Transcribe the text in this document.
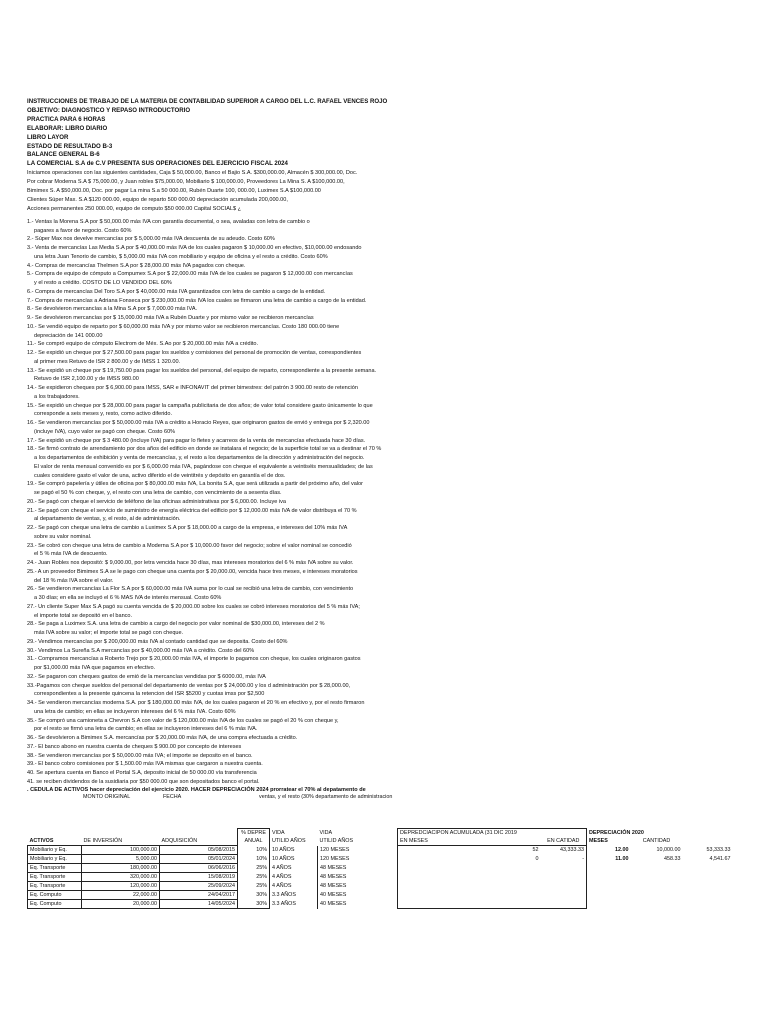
INSTRUCCIONES DE TRABAJO DE LA MATERIA DE CONTABILIDAD SUPERIOR A CARGO DEL L.C. RAFAEL VENCES ROJO
OBJETIVO: DIAGNOSTICO Y REPASO INTRODUCTORIO
PRACTICA PARA 6 HORAS
ELABORAR: LIBRO DIARIO
LIBRO LAYOR
ESTADO DE RESULTADO B-3
BALANCE GENERAL B-6
LA COMERCIAL S.A de C.V PRESENTA SUS OPERACIONES DEL EJERCICIO FISCAL 2024
Iniciamos operaciones con las siguientes cantidades, Caja $ 50,000.00, Banco el Bajio S.A. $300,000.00, Almacén $ 300,000.00, Doc.
Por cobrar Moderna S.A $ 75,000.00, y Juan robles $75,000.00, Mobiliario $ 100,000.00, Proveedores La Mina S. A $100,000.00,
Bimimex S. A $50,000.00, Doc. por pagar La mina S.a 50 000.00, Rubén Duarte 100, 000.00, Luximex S.A $100,000.00
Clientes Súper Max. S.A $120 000.00, equipo de reparto 500 000.00 depreciación acumulada 200,000.00,
Acciones permanentes 250 000.00, equipo de computo $50 000.00 Capital SOCIAL$ ¿
1.- Ventas la Morena S.A por $ 50,000.00 más IVA con garantía documental, o sea, avaladas con letra de cambio o
pagares a favor de negocio. Costo 60%
2.- Súper Max nos develve mercancías por $ 5,000.00 más IVA descuenta de su adeudo. Costo 60%
3.- Venta de mercancías Las Media S.A por $ 40,000.00 más IVA de los cuales pagaron $ 10,000.00 en efectivo, $10,000.00 endosando
una letra Juan Tenorio de cambio, $ 5,000.00 más IVA con mobiliario y equipo de oficina y el resto a crédito. Costo 60%
4.- Compras de mercancías Thelmen S.A por $ 28,000.00 más IVA pagados con cheque.
5.- Compra de equipo de cómputo a Compumex S.A por $ 22,000.00 más IVA de los cuales se pagaron $ 12,000.00 con mercancías
y el resto a crédito. COSTO DE LO VENDIDO DEL 60%
6.- Compra de mercancías Del Toro S.A por $ 40,000.00 más IVA garantizados con letra de cambio a cargo de la entidad.
7.- Compra de mercancías a Adriana Fonseca por $ 230,000.00 más IVA los cuales se firmaron una letra de cambio a cargo de la entidad.
8.- Se devolvieron mercancías a la Mina S.A por $ 7,000.00 más IVA.
9.- Se devolvieron mercancías por $ 15,000.00 más IVA a Rubén Duarte y por mismo valor se recibieron mercancías
10.- Se vendió equipo de reparto por $ 60,000.00 más IVA y por mismo valor se recibieron mercancías. Costo 180 000.00 tiene
depreciación de 141 000.00
11.- Se compró equipo de cómputo Electrom de Méx. S.Ao por $ 20,000.00 más IVA a crédito.
12.- Se expidió un cheque por $ 27,500.00 para pagar los sueldos y comisiones del personal de promoción de ventas, correspondientes
al primer mes Retuvo de ISR 2 800.00 y de IMSS 1 320.00.
13.- Se expidió un cheque por $ 19,750.00 para pagar los sueldos del personal, del equipo de reparto, correspondiente a la presente semana.
Retuvo de ISR 2,100.00 y de IMSS 980.00
14.- Se expidieron cheques por $ 6,900.00 para IMSS, SAR e INFONAVIT del primer bimestres: del patrón 3 900.00 resto de retención
a los trabajadores.
15.- Se expidió un cheque por $ 28,000.00 para pagar la campaña publicitaria de dos años; de valor total considere gasto únicamente lo que
corresponde a seis meses y, resto, como activo diferido.
16.- Se vendieron mercancías por $ 50,000.00 más IVA a crédito a Horacio Reyes, que originaron gastos de envió y entrega por $ 2,320.00
(incluye IVA), cuyo valor se pagó con cheque. Costo 60%
17.- Se expidió un cheque por $ 3 480.00 (incluye IVA) para pagar lo fletes y acarreos de la venta de mercancías efectuada hace 30 días.
18.- Se firmó contrato de arrendamiento por dos años del edificio en donde se instalara el negocio; de la superficie total se va a destinar el 70 %
a los departamentos de exhibición y venta de mercancías, y, el resto a los departamentos de la dirección y administración del negocio.
El valor de renta mensual convenido es por $ 6,000.00 más IVA, pagándose con cheque el equivalente a veintiséis mensualidades; de las
cuales considere gasto el valor de una, activo diferido el de veintitrés y depósito en garantía el de dos.
19.- Se compró papelería y útiles de oficina por $ 80,000.00 más IVA, La bonita S.A, que será utilizada a partir del próximo año, del valor
se pagó el 50 % con cheque, y, el resto con una letra de cambio, con vencimiento de a sesenta días.
20.- Se pagó con cheque el servicio de teléfono de las oficinas administrativas por $ 6,000.00. Incluye iva
21.- Se pagó con cheque el servicio de suministro de energía eléctrica del edificio por $ 12,000.00 más IVA de valor distribuya el 70 %
al departamento de ventas, y, el resto, al de administración.
22.- Se pagó con cheque una letra de cambio a Luximex S.A por $ 18,000.00 a cargo de la empresa, e intereses del 10% más IVA
sobre su valor nominal.
23.- Se cobró con cheque una letra de cambio a Moderna S.A por $ 10,000.00 favor del negocio; sobre el valor nominal se concedió
el 5 % más IVA de descuento.
24.- Juan Robles nos depositó: $ 9,000.00, por letra vencida hace 30 días, mas intereses moratorios del 6 % más IVA sobre su valor.
25.- A un proveedor Bimimex S.A se le pago con cheque una cuenta por $ 20,000.00, vencida hace tres meses, e intereses moratorios
del 18 % más IVA sobre el valor.
26.- Se vendieron mercancías La Flor S.A por $ 60,000.00 más IVA suma por lo cual se recibió una letra de cambio, con vencimiento
a 30 días; en ella se incluyó el 6 % MAS IVA de interés mensual. Costo 60%
27.- Un cliente Super Max S.A pagó su cuenta vencida de $ 20,000.00 sobre los cuales se cobró intereses moratorios del 5 % más IVA;
el importe total se depositó en el banco.
28.- Se paga a Luximex S.A. una letra de cambio a cargo del negocio por valor nominal de $30,000.00, intereses del 2 %
más IVA sobre su valor; el importe total se pagó con cheque.
29.- Vendimos mercancías por $ 200,000.00 más IVA al contado cantidad que se deposita. Costo del 60%
30.- Vendimos La Sureña S.A mercancías por $ 40,000.00 más IVA a crédito. Costo del 60%
31.- Compramos mercancías a Roberto Trejo por $ 20,000.00 más IVA, el importe lo pagamos con cheque, los cuales originaron gastos
por $1,000.00 más IVA que pagamos en efectivo.
32.- Se pagaron con cheques gastos de emió de la mercancías vendidas por $ 6000.00, más IVA
33.-Pagamos con cheque sueldos del personal del departamento de ventas por $ 24,000.00 y los d administración por $ 28,000.00,
correspondientes a la presente quincena la retencion del ISR $5200 y cuotas imss por $2,500
34.- Se vendieron mercancías moderna S.A. por $ 180,000.00 más IVA, de los cuales pagaron el 20 % en efectivo y, por el resto firmaron
una letra de cambio; en ellas se incluyeron intereses del 6 % más IVA. Costo 60%
35.- Se compró una camioneta a Chevron S.A con valor de $ 120,000.00 más IVA de los cuales se pagó el 20 % con cheque y,
por el resto se firmó una letra de cambio; en ellas se incluyeron intereses del 6 % más IVA.
36.- Se devolvieron a Bimimex S.A. mercancías por $ 20,000.00 más IVA, de una compra efectuada a crédito.
37.- El banco abono en nuestra cuenta de cheques $ 900.00 por concepto de intereses
38.- Se vendieron mercancías por $ 50,000.00 más IVA; el importe se deposito en el banco.
39.- El banco cobro comisiones por $ 1,500.00 más IVA mismas que cargaron a nuestra cuenta.
40. Se apertura cuenta en Banco el Portal S.A, deposito inicial de 50 000.00 vía transferencia
41. se reciben dividendos de la susidiaria por $50 000.00 que son depositados banco el portal.
. CEDULA DE ACTIVOS hacer depreciación del ejercicio 2020. HACER DEPRECIACIÓN 2024 prorratear el 70% al depatamento de
MONTO ORIGINAL	FECHA	ventas, y el resto (30% departamento de administracion
			% DEPRE	VIDA	VIDA	DEPREDCIACIPON ACUMULADA (31 DIC 2019		DEPRECIACIÓN 2020		
ACTIVOS	DE INVERSIÓN	ADQUISICIÓN	ANUAL	UTILID AÑOS	UTILID AÑOS	EN MESES	EN CATIDAD	MESES	CANTIDAD	
Mobiliario y Eq.	100,000.00	05/08/2015	10%	10 AÑOS	120 MESES	52	43,333.33	12.00	10,000.00	53,333.33
Mobiliario y Eq.	5,000.00	05/01/2024	10%	10 AÑOS	120 MESES	0	-	11.00	458.33	4,541.67
Eq. Transporte	180,000.00	06/06/2016	25%	4 AÑOS	48 MESES					
Eq. Transporte	320,000.00	15/08/2019	25%	4 AÑOS	48 MESES					
Eq. Transporte	120,000.00	25/09/2024	25%	4 AÑOS	48 MESES					
Eq. Computo	22,000.00	24/04/2017	30%	3.3 AÑOS	40 MESES					
Eq. Computo	20,000.00	14/05/2024	30%	3.3 AÑOS	40 MESES					
